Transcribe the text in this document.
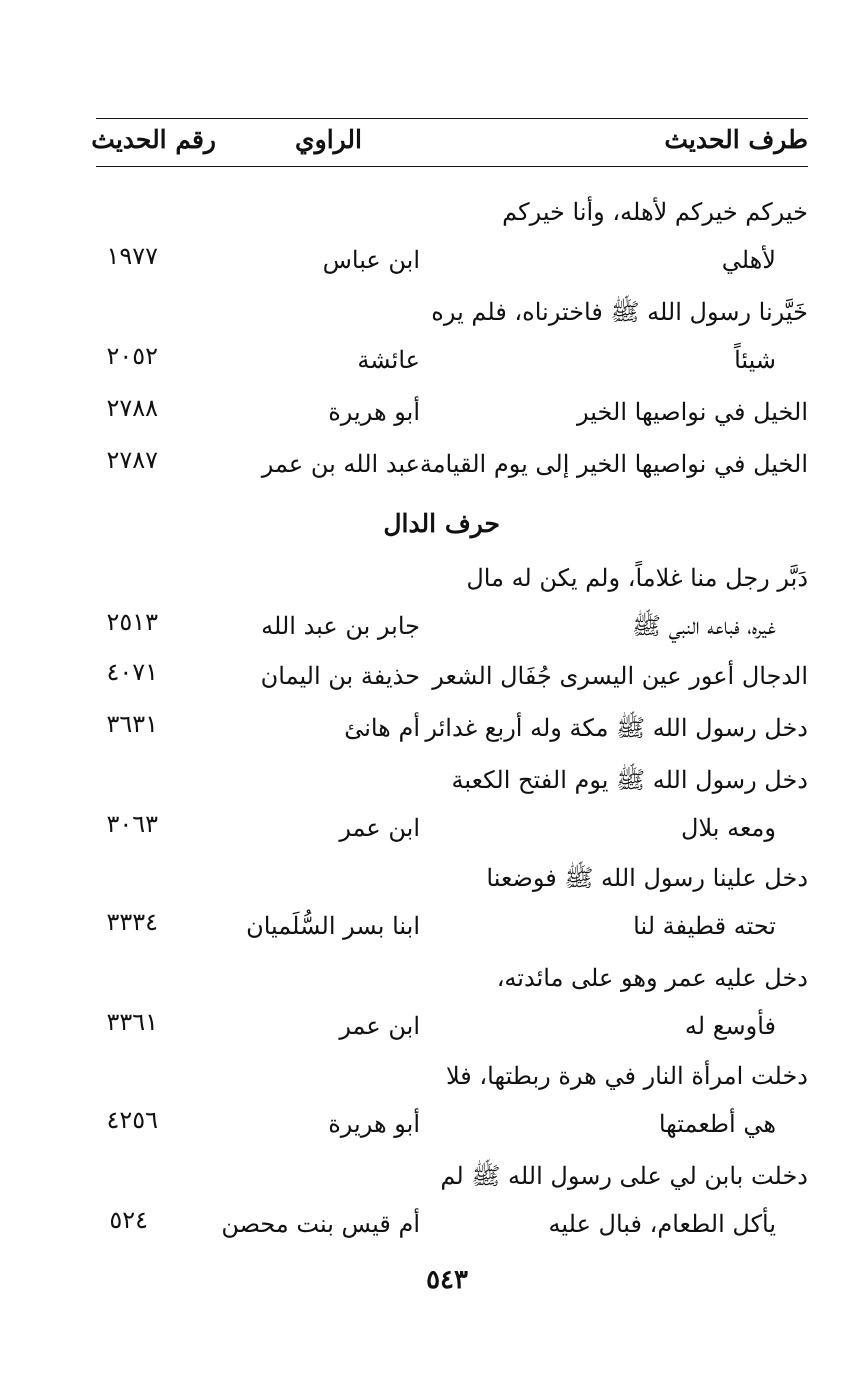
طرف الحديث
الراوي
رقم الحديث
خيركم خيركم لأهله، وأنا خيركم
لأهلي
ابن عباس
١٩٧٧
خَيَّرنا رسول الله ﷺ فاخترناه، فلم يره
شيئاً
عائشة
٢٠٥٢
الخيل في نواصيها الخير
أبو هريرة
٢٧٨٨
الخيل في نواصيها الخير إلى يوم القيامة
عبد الله بن عمر
٢٧٨٧
حرف الدال
دَبَّر رجل منا غلاماً، ولم يكن له مال
غيره، فباعه النبي ﷺ
جابر بن عبد الله
٢٥١٣
الدجال أعور عين اليسرى جُفَال الشعر
حذيفة بن اليمان
٤٠٧١
دخل رسول الله ﷺ مكة وله أربع غدائر
أم هانئ
٣٦٣١
دخل رسول الله ﷺ يوم الفتح الكعبة
ومعه بلال
ابن عمر
٣٠٦٣
دخل علينا رسول الله ﷺ فوضعنا
تحته قطيفة لنا
ابنا بسر السُّلَميان
٣٣٣٤
دخل عليه عمر وهو على مائدته،
فأوسع له
ابن عمر
٣٣٦١
دخلت امرأة النار في هرة ربطتها، فلا
هي أطعمتها
أبو هريرة
٤٢٥٦
دخلت بابن لي على رسول الله ﷺ لم
يأكل الطعام، فبال عليه
أم قيس بنت محصن
٥٢٤
٥٤٣
